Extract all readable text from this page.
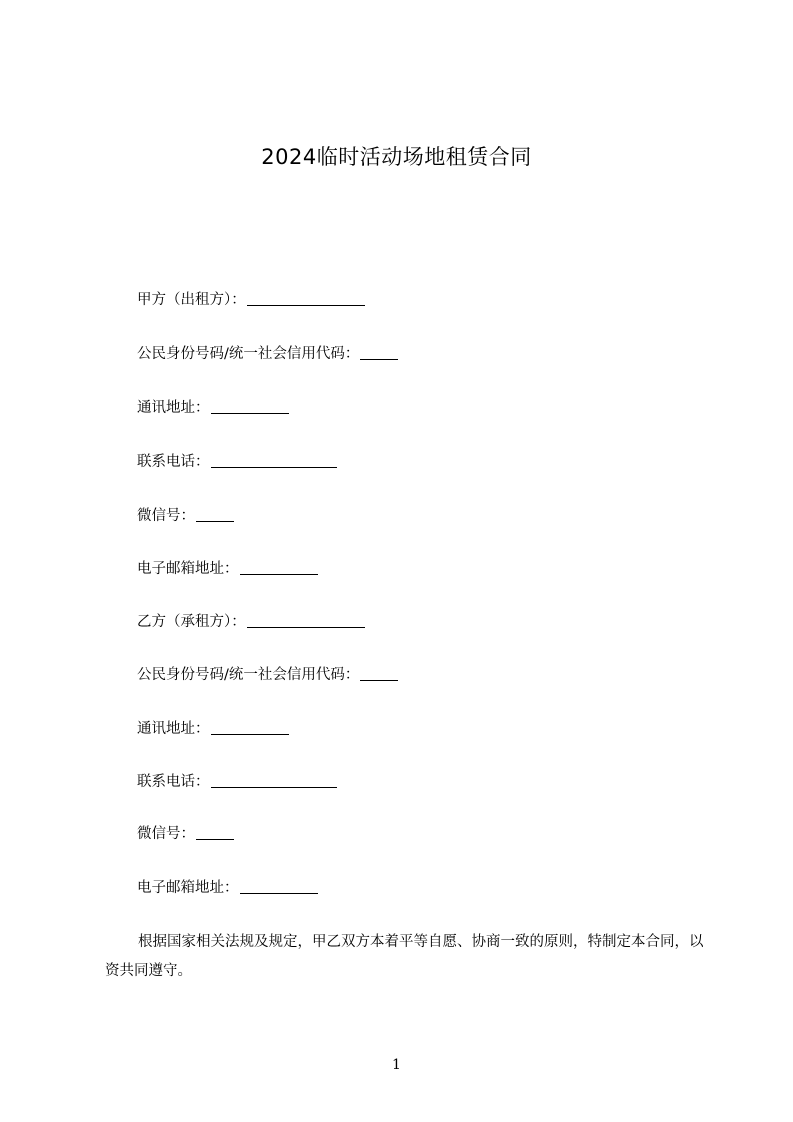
2024临时活动场地租赁合同
甲方（出租方）：
公民身份号码/统一社会信用代码：
通讯地址：
联系电话：
微信号：
电子邮箱地址：
乙方（承租方）：
公民身份号码/统一社会信用代码：
通讯地址：
联系电话：
微信号：
电子邮箱地址：
根据国家相关法规及规定，甲乙双方本着平等自愿、协商一致的原则，特制定本合同，以资共同遵守。
1
